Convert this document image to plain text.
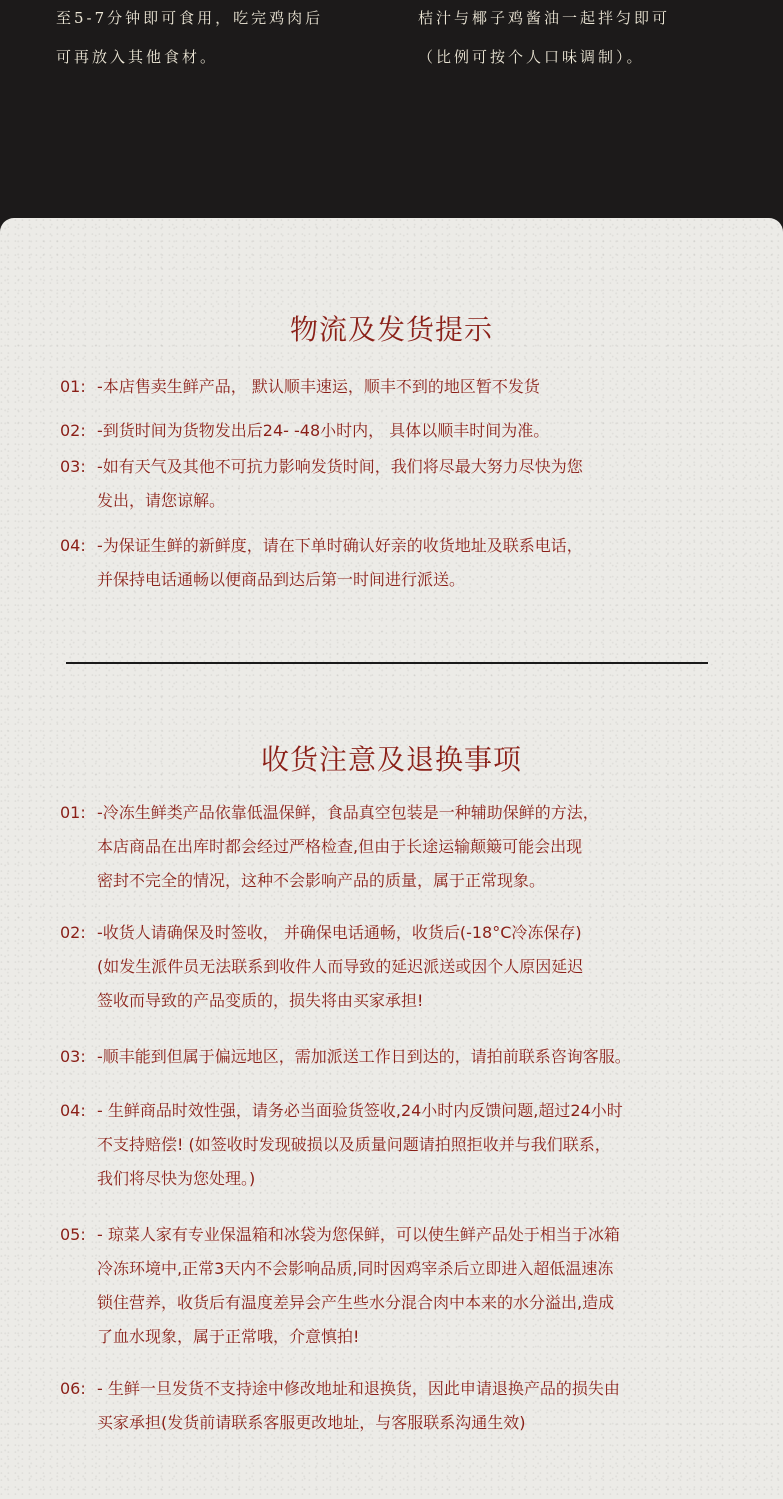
至5-7分钟即可食用，吃完鸡肉后
可再放入其他食材。
桔汁与椰子鸡酱油一起拌匀即可
（比例可按个人口味调制）。
物流及发货提示
01: -本店售卖生鲜产品， 默认顺丰速运，顺丰不到的地区暂不发货
02: -到货时间为货物发出后24- -48小时内， 具体以顺丰时间为准。
03: -如有天气及其他不可抗力影响发货时间，我们将尽最大努力尽快为您
发出，请您谅解。
04: -为保证生鲜的新鲜度，请在下单时确认好亲的收货地址及联系电话，
并保持电话通畅以便商品到达后第一时间进行派送。
收货注意及退换事项
01: -冷冻生鲜类产品依靠低温保鲜，食品真空包装是一种辅助保鲜的方法，
本店商品在出库时都会经过严格检查,但由于长途运输颠簸可能会出现
密封不完全的情况，这种不会影响产品的质量，属于正常现象。
02: -收货人请确保及时签收， 并确保电话通畅，收货后(-18°C冷冻保存)
(如发生派件员无法联系到收件人而导致的延迟派送或因个人原因延迟
签收而导致的产品变质的，损失将由买家承担!
03: -顺丰能到但属于偏远地区，需加派送工作日到达的，请拍前联系咨询客服。
04: - 生鲜商品时效性强，请务必当面验货签收,24小时内反馈问题,超过24小时
不支持赔偿! (如签收时发现破损以及质量问题请拍照拒收并与我们联系，
我们将尽快为您处理。)
05: - 琼菜人家有专业保温箱和冰袋为您保鲜，可以使生鲜产品处于相当于冰箱
冷冻环境中,正常3天内不会影响品质,同时因鸡宰杀后立即进入超低温速冻
锁住营养，收货后有温度差异会产生些水分混合肉中本来的水分溢出,造成
了血水现象，属于正常哦，介意慎拍!
06: - 生鲜一旦发货不支持途中修改地址和退换货，因此申请退换产品的损失由
买家承担(发货前请联系客服更改地址，与客服联系沟通生效)
